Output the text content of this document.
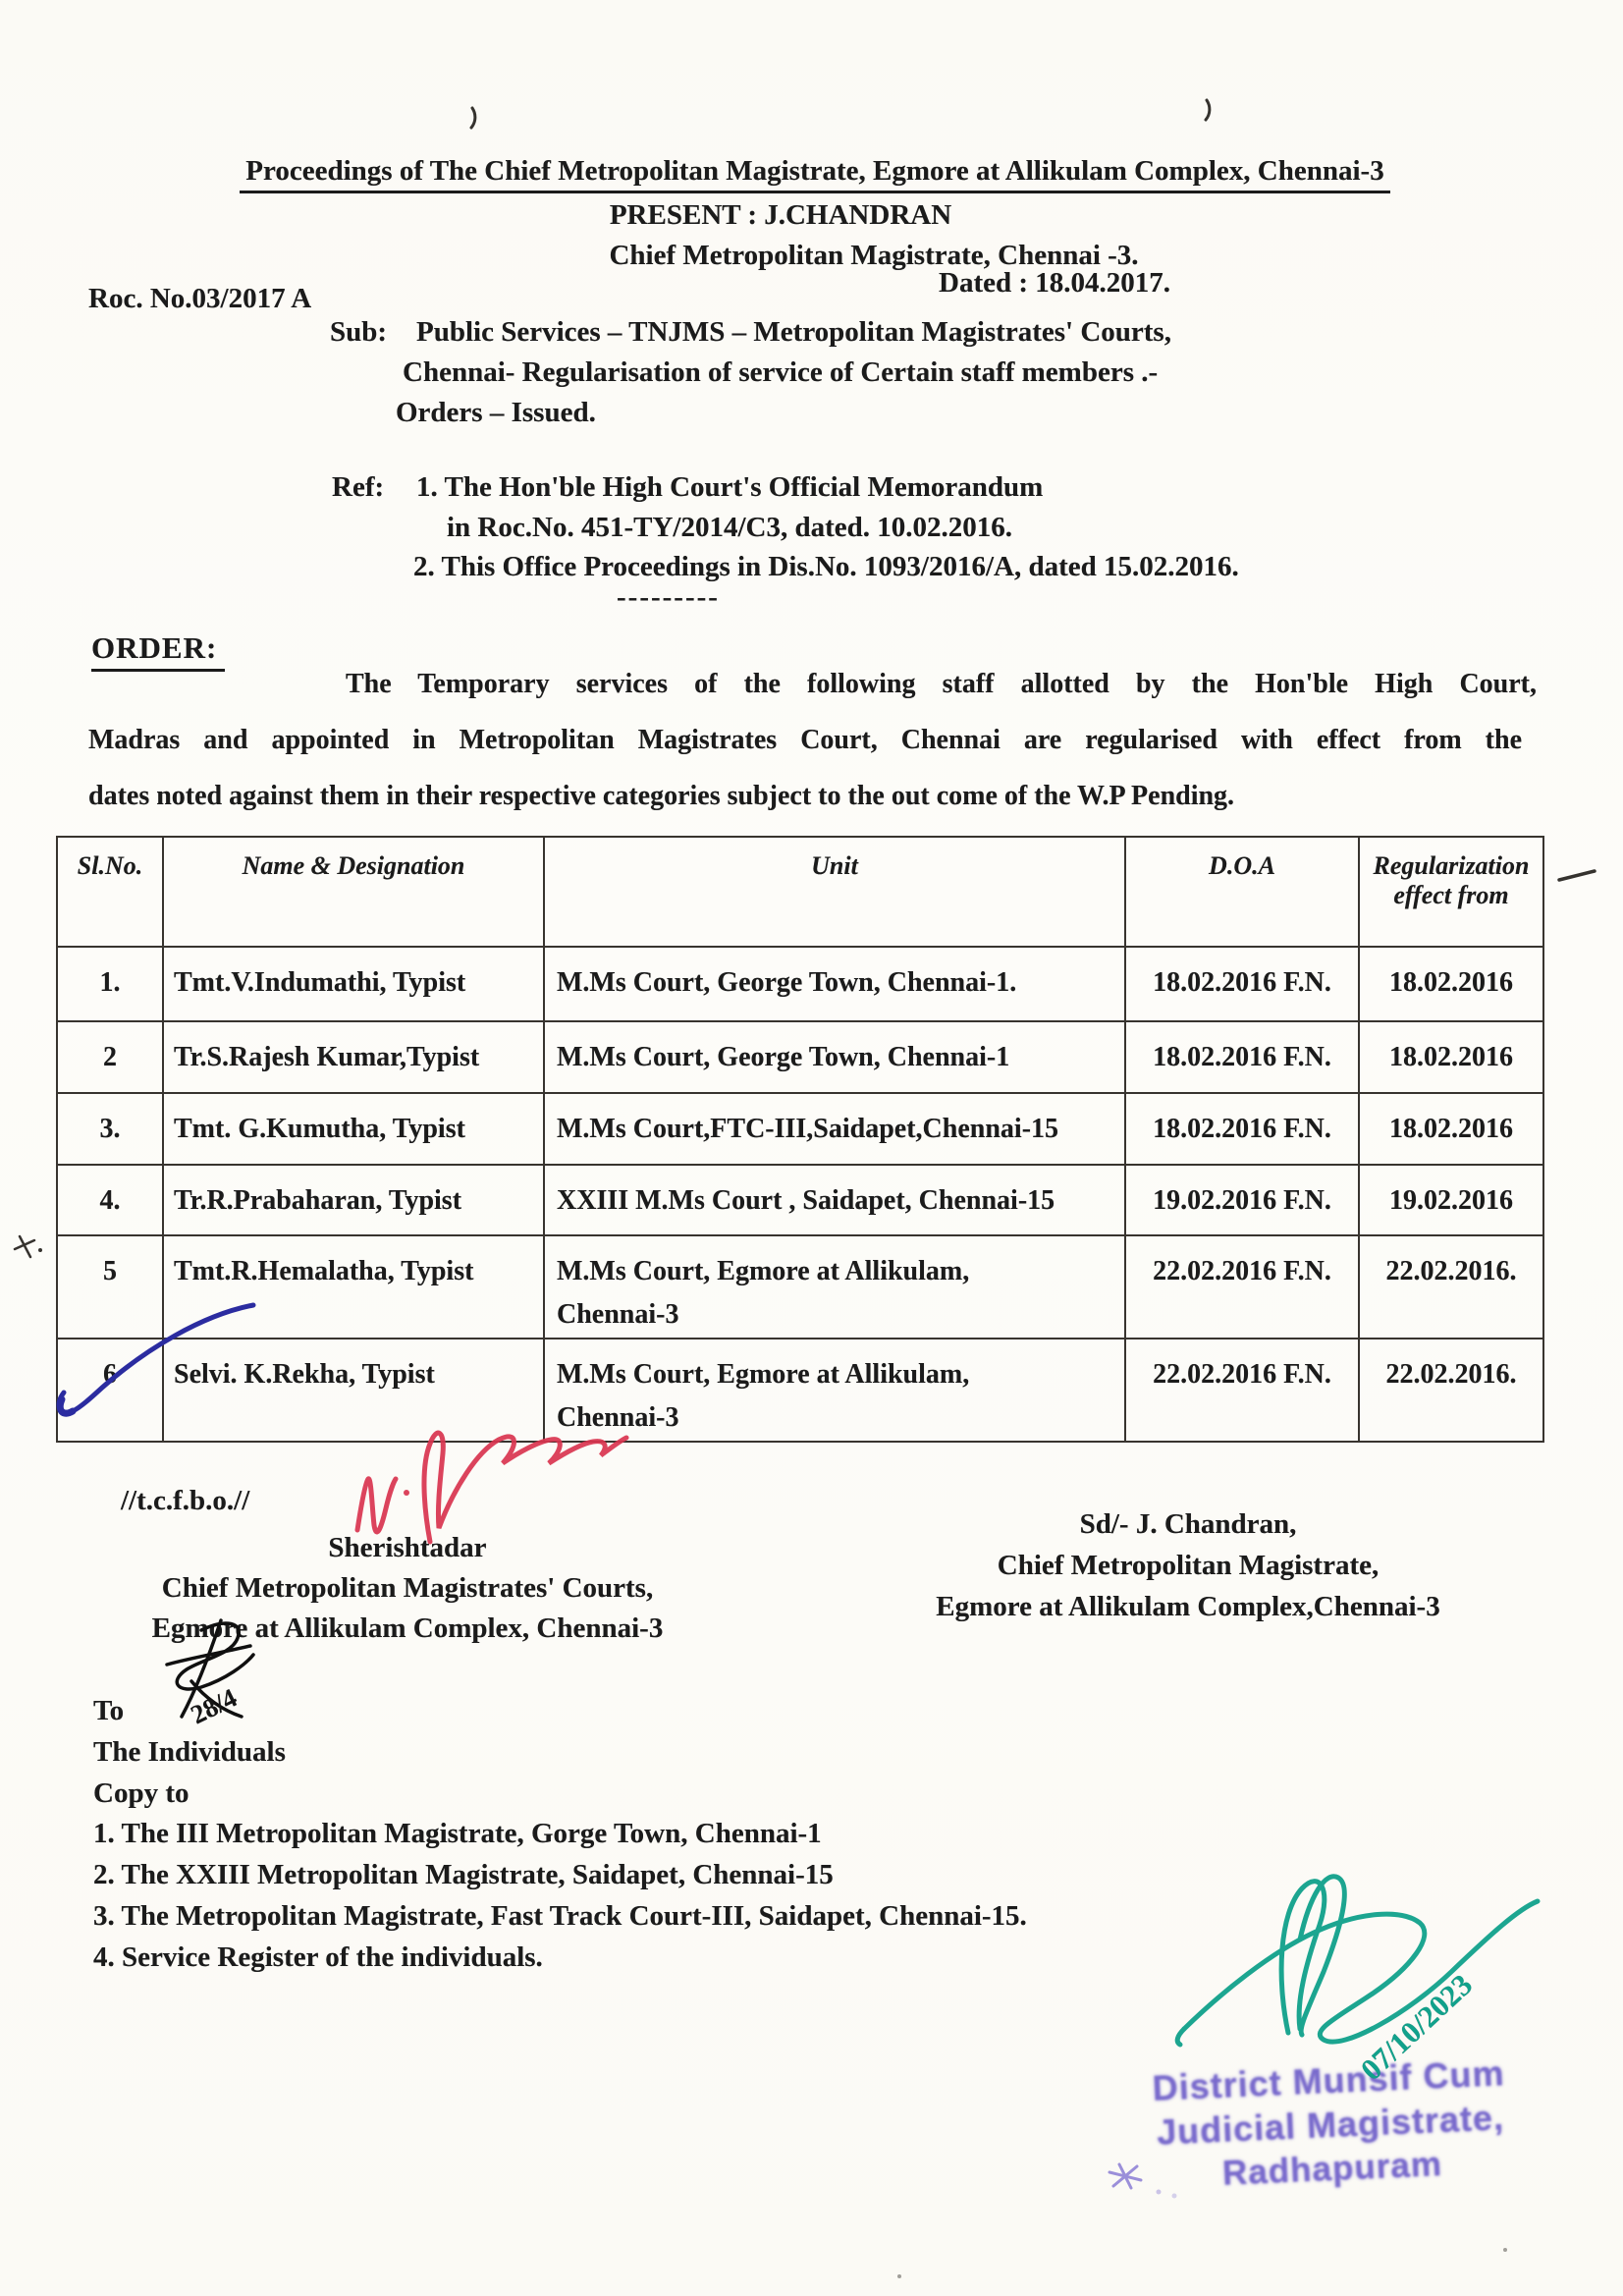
Proceedings of The Chief Metropolitan Magistrate, Egmore at Allikulam Complex, Chennai-3
PRESENT : J.CHANDRAN
Chief Metropolitan Magistrate, Chennai -3.
Roc. No.03/2017 A	Dated : 18.04.2017.
Sub: Public Services – TNJMS – Metropolitan Magistrates' Courts,
Chennai- Regularisation of service of Certain staff members .-
Orders – Issued.
Ref: 1. The Hon'ble High Court's Official Memorandum
in Roc.No. 451-TY/2014/C3, dated. 10.02.2016.
2. This Office Proceedings in Dis.No. 1093/2016/A, dated 15.02.2016.
---------
ORDER:
The Temporary services of the following staff allotted by the Hon'ble High Court,
Madras and appointed in Metropolitan Magistrates Court, Chennai are regularised with effect from the
dates noted against them in their respective categories subject to the out come of the W.P Pending.
Sl.No.	Name & Designation	Unit	D.O.A	Regularization
effect from

1.	Tmt.V.Indumathi, Typist	M.Ms Court, George Town, Chennai-1.	18.02.2016 F.N.	18.02.2016
2	Tr.S.Rajesh Kumar,Typist	M.Ms Court, George Town, Chennai-1	18.02.2016 F.N.	18.02.2016
3.	Tmt. G.Kumutha, Typist	M.Ms Court,FTC-III,Saidapet,Chennai-15	18.02.2016 F.N.	18.02.2016
4.	Tr.R.Prabaharan, Typist	XXIII M.Ms Court , Saidapet, Chennai-15	19.02.2016 F.N.	19.02.2016
5	Tmt.R.Hemalatha, Typist	M.Ms Court, Egmore at Allikulam,
Chennai-3	22.02.2016 F.N.	22.02.2016.
6	Selvi. K.Rekha, Typist	M.Ms Court, Egmore at Allikulam,
Chennai-3	22.02.2016 F.N.	22.02.2016.
//t.c.f.b.o.//
Sherishtadar
Chief Metropolitan Magistrates' Courts,
Egmore at Allikulam Complex, Chennai-3
Sd/- J. Chandran,
Chief Metropolitan Magistrate,
Egmore at Allikulam Complex,Chennai-3
To
The Individuals
Copy to
1. The III Metropolitan Magistrate, Gorge Town, Chennai-1
2. The XXIII Metropolitan Magistrate, Saidapet, Chennai-15
3. The Metropolitan Magistrate, Fast Track Court-III, Saidapet, Chennai-15.
4. Service Register of the individuals.
District Munsif Cum
Judicial Magistrate,
Radhapuram
28/4
07/10/2023
